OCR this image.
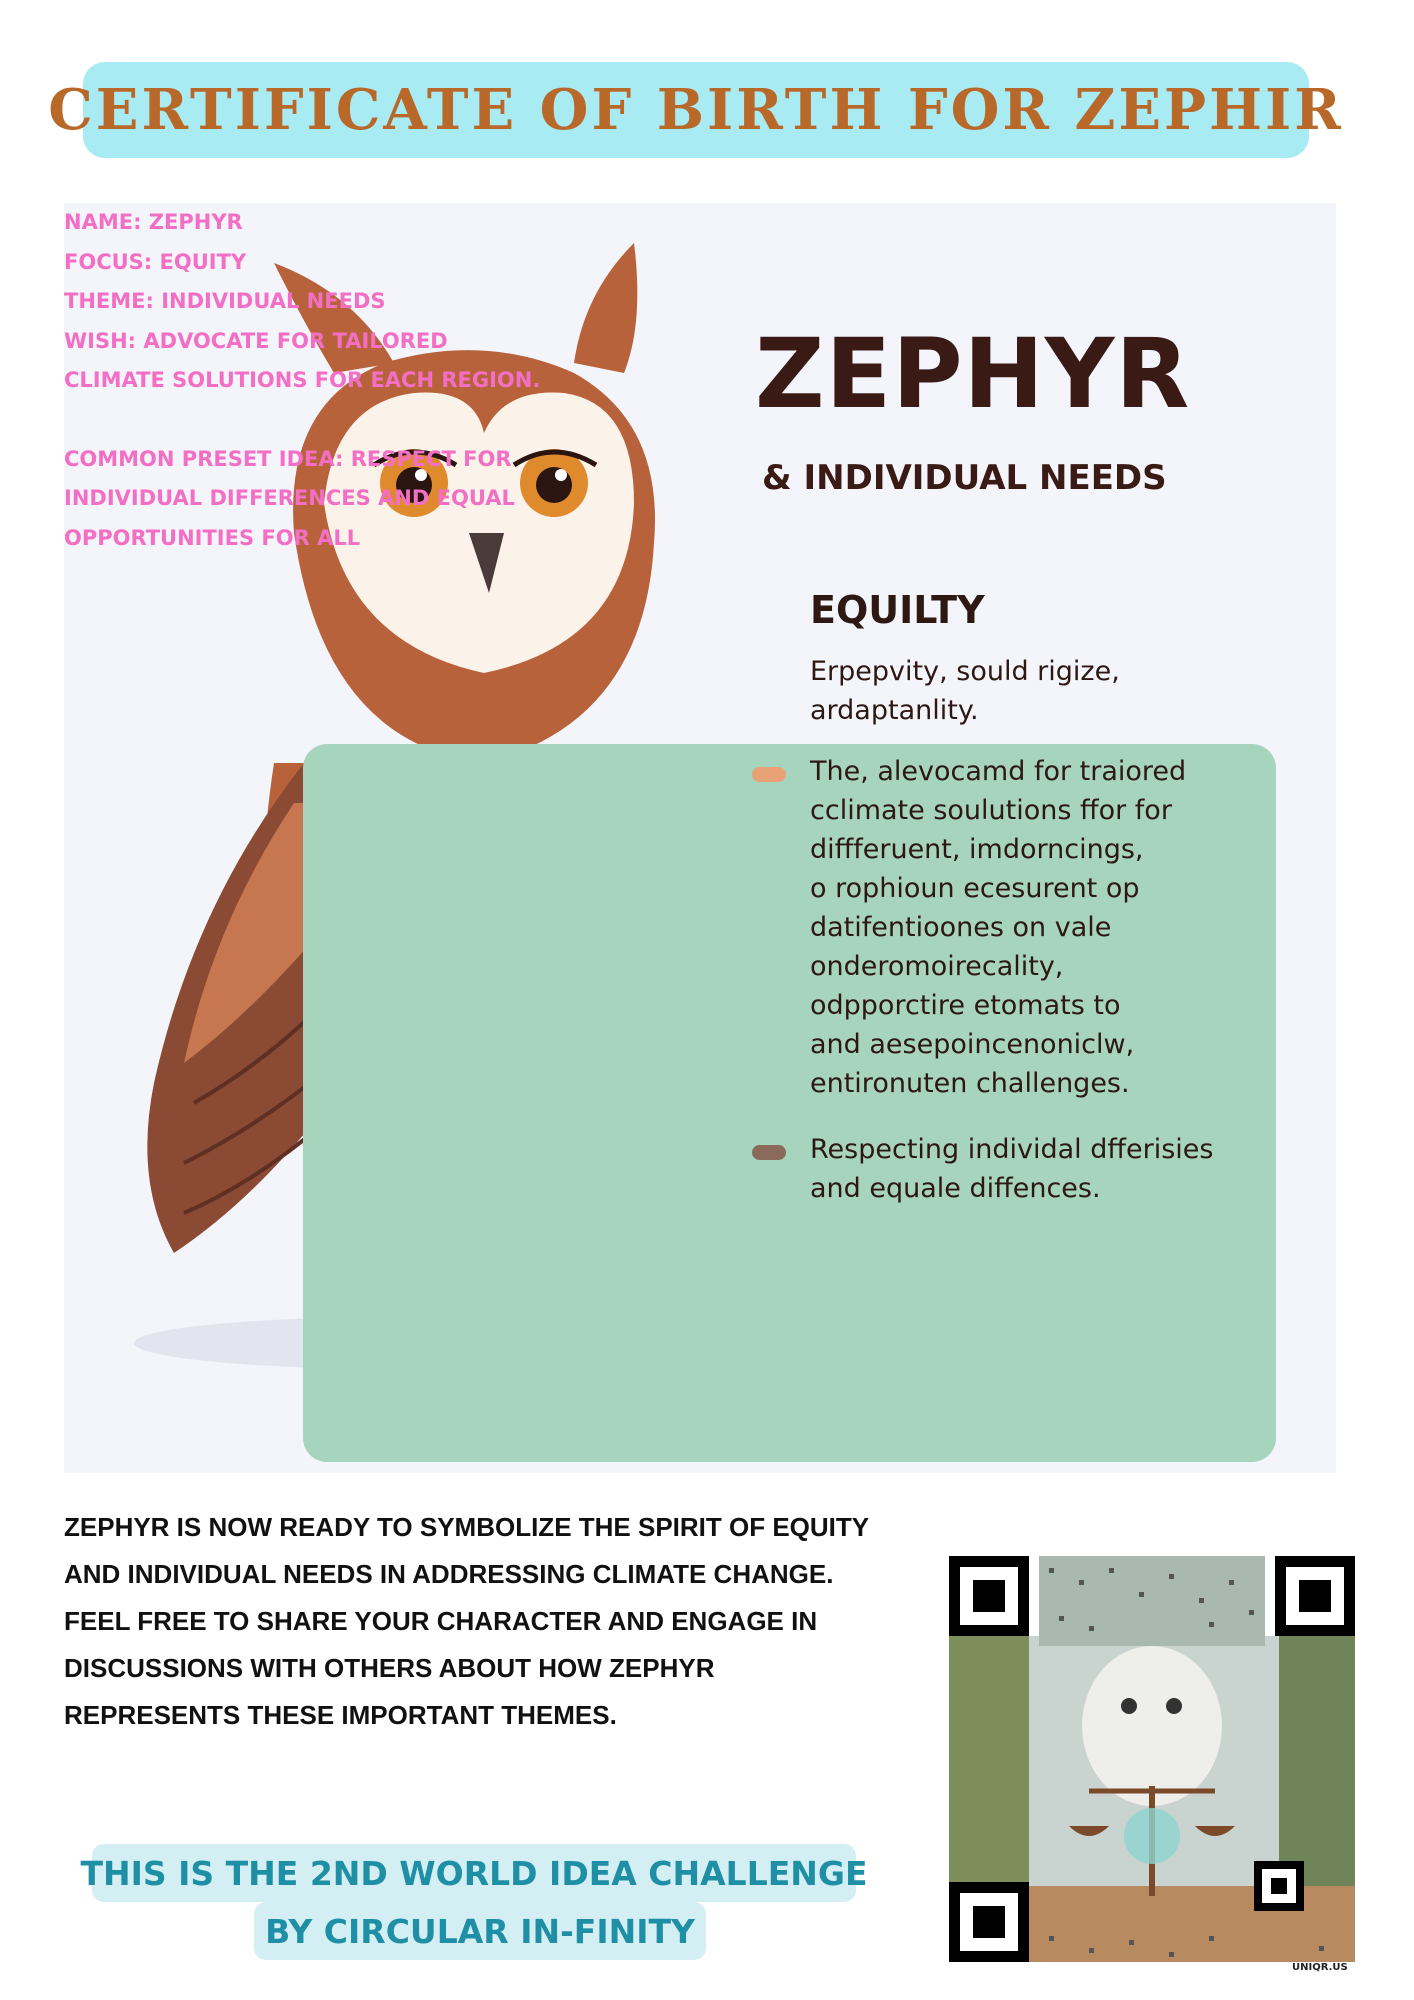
CERTIFICATE OF BIRTH FOR ZEPHIR
ZEPHYR
& INDIVIDUAL NEEDS
EQUILTY
Erpepvity, sould rigize,
ardaptanlity.
The, alevocamd for traiored
cclimate soulutions ffor for
diffferuent, imdorncings,
o rophioun ecesurent op
datifentioones on vale
onderomoirecality,
odpporctire etomats to
and aesepoincenoniclw,
entironuten challenges.
Respecting individal dfferisies
and equale diffences.
NAME: ZEPHYR
FOCUS: EQUITY
THEME: INDIVIDUAL NEEDS
WISH: ADVOCATE FOR TAILORED
CLIMATE SOLUTIONS FOR EACH REGION.
COMMON PRESET IDEA: RESPECT FOR
INDIVIDUAL DIFFERENCES AND EQUAL
OPPORTUNITIES FOR ALL
ZEPHYR IS NOW READY TO SYMBOLIZE THE SPIRIT OF EQUITY
AND INDIVIDUAL NEEDS IN ADDRESSING CLIMATE CHANGE.
FEEL FREE TO SHARE YOUR CHARACTER AND ENGAGE IN
DISCUSSIONS WITH OTHERS ABOUT HOW ZEPHYR
REPRESENTS THESE IMPORTANT THEMES.
THIS IS THE 2ND WORLD IDEA CHALLENGE
BY CIRCULAR IN-FINITY
UNIQR.US
